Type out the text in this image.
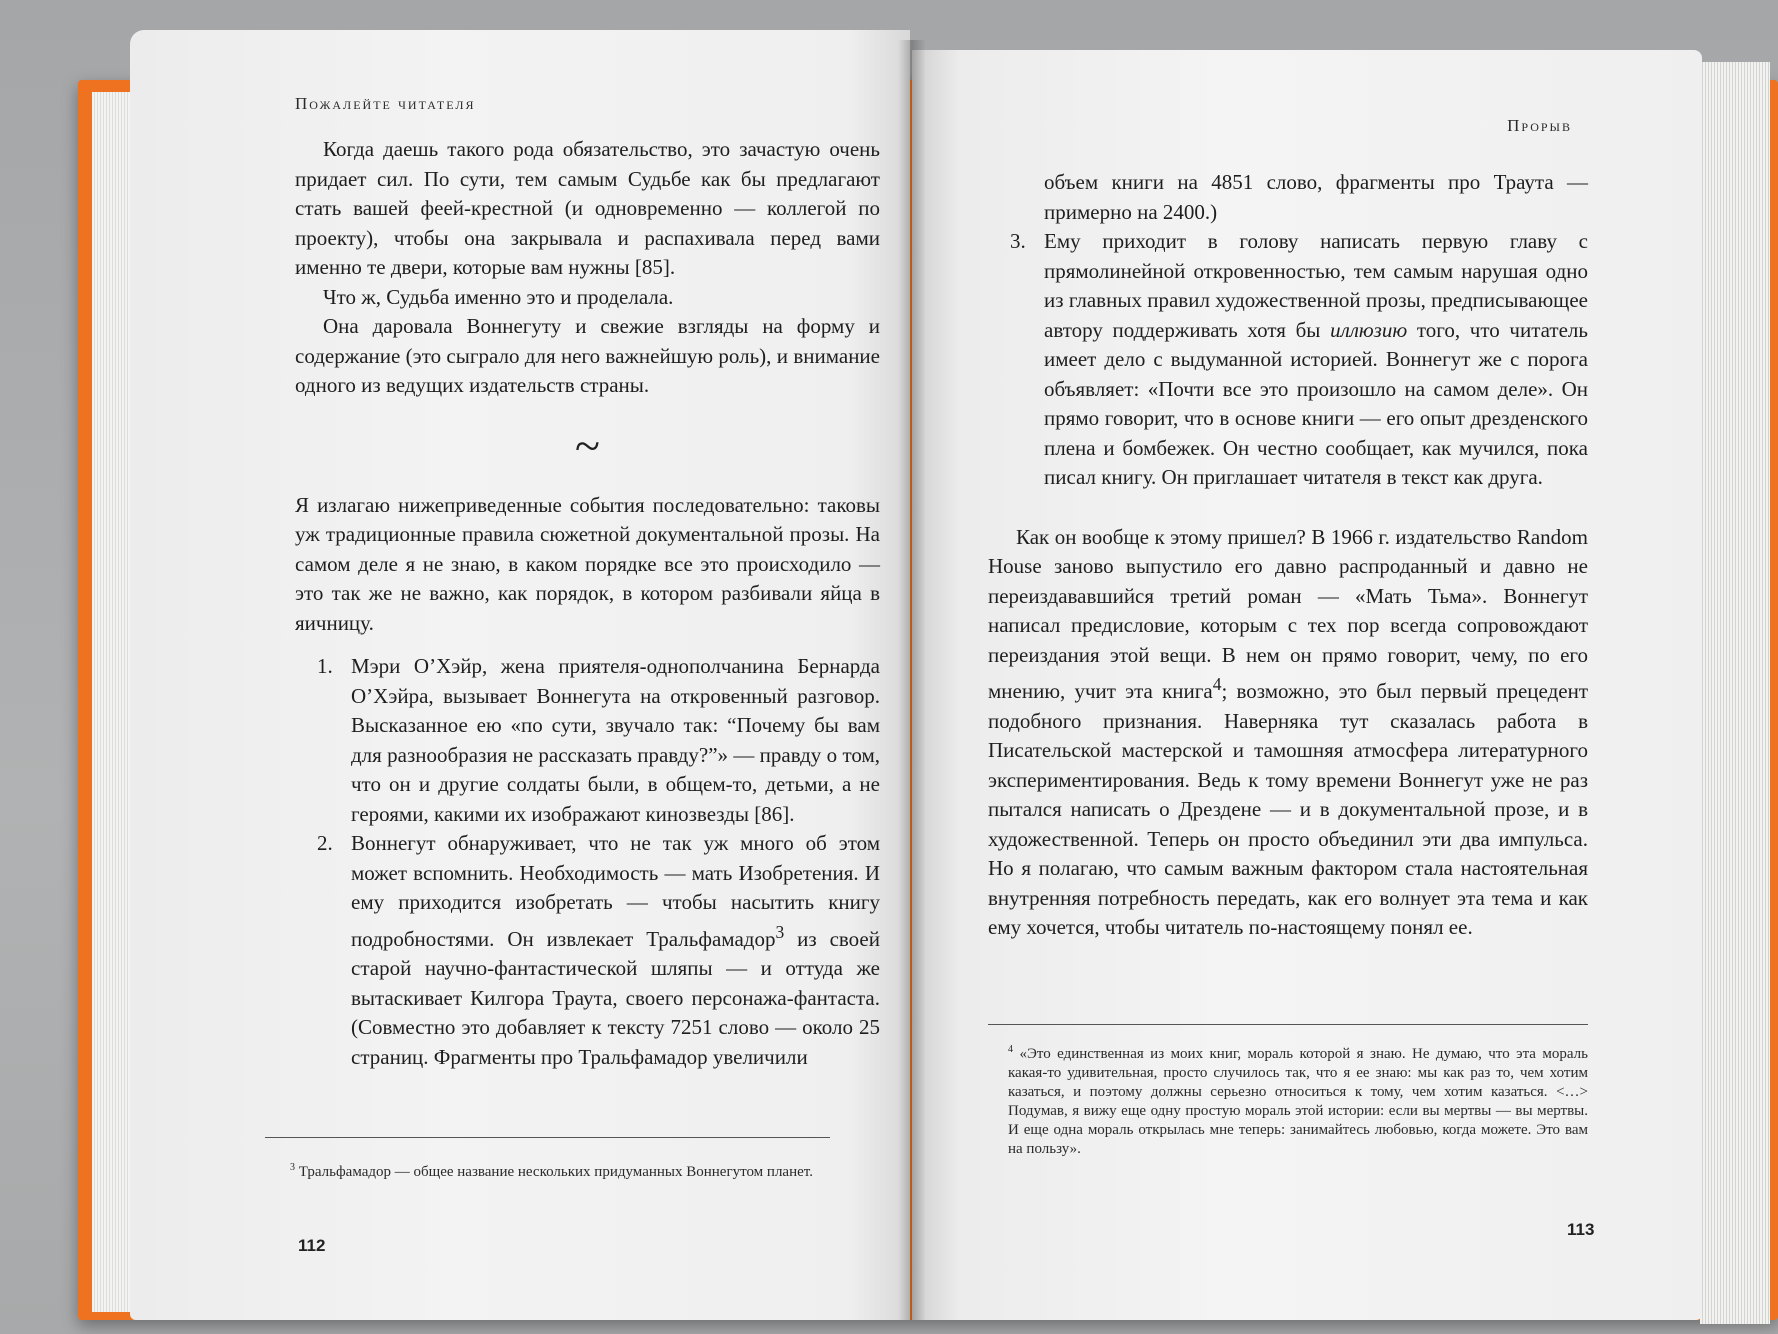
Пожалейте читателя

Когда даешь такого рода обязательство, это зачастую очень придает сил. По сути, тем самым Судьбе как бы предлагают стать вашей феей-крестной (и одновременно — коллегой по проекту), чтобы она закрывала и распахивала перед вами именно те двери, которые вам нужны [85].

Что ж, Судьба именно это и проделала.

Она даровала Воннегуту и свежие взгляды на форму и содержание (это сыграло для него важнейшую роль), и внимание одного из ведущих издательств страны.

~

Я излагаю нижеприведенные события последовательно: таковы уж традиционные правила сюжетной документальной прозы. На самом деле я не знаю, в каком порядке все это происходило — это так же не важно, как порядок, в котором разбивали яйца в яичницу.

1. Мэри О’Хэйр, жена приятеля-однополчанина Бернарда О’Хэйра, вызывает Воннегута на откровенный разговор. Высказанное ею «по сути, звучало так: “Почему бы вам для разнообразия не рассказать правду?”» — правду о том, что он и другие солдаты были, в общем-то, детьми, а не героями, какими их изображают кинозвезды [86].
2. Воннегут обнаруживает, что не так уж много об этом может вспомнить. Необходимость — мать Изобретения. И ему приходится изобретать — чтобы насытить книгу подробностями. Он извлекает Тральфамадор$^3$ из своей старой научно-фантастической шляпы — и оттуда же вытаскивает Килгора Траута, своего персонажа-фантаста. (Совместно это добавляет к тексту 7251 слово — около 25 страниц. Фрагменты про Тральфамадор увеличили
$^3$ Тральфамадор — общее название нескольких придуманных Воннегутом планет.
112
Прорыв
объем книги на 4851 слово, фрагменты про Траута — примерно на 2400.)
3. Ему приходит в голову написать первую главу с прямолинейной откровенностью, тем самым нарушая одно из главных правил художественной прозы, предписывающее автору поддерживать хотя бы иллюзию того, что читатель имеет дело с выдуманной историей. Воннегут же с порога объявляет: «Почти все это произошло на самом деле». Он прямо говорит, что в основе книги — его опыт дрезденского плена и бомбежек. Он честно сообщает, как мучился, пока писал книгу. Он приглашает читателя в текст как друга.

Как он вообще к этому пришел? В 1966 г. издательство Random House заново выпустило его давно распроданный и давно не переиздававшийся третий роман — «Мать Тьма». Воннегут написал предисловие, которым с тех пор всегда сопровождают переиздания этой вещи. В нем он прямо говорит, чему, по его мнению, учит эта книга$^4$; возможно, это был первый прецедент подобного признания. Наверняка тут сказалась работа в Писательской мастерской и тамошняя атмосфера литературного экспериментирования. Ведь к тому времени Воннегут уже не раз пытался написать о Дрездене — и в документальной прозе, и в художественной. Теперь он просто объединил эти два импульса. Но я полагаю, что самым важным фактором стала настоятельная внутренняя потребность передать, как его волнует эта тема и как ему хочется, чтобы читатель по-настоящему понял ее.

$^4$ «Это единственная из моих книг, мораль которой я знаю. Не думаю, что эта мораль какая-то удивительная, просто случилось так, что я ее знаю: мы как раз то, чем хотим казаться, и поэтому должны серьезно относиться к тому, чем хотим казаться. <…> Подумав, я вижу еще одну простую мораль этой истории: если вы мертвы — вы мертвы. И еще одна мораль открылась мне теперь: занимайтесь любовью, когда можете. Это вам на пользу».
113
